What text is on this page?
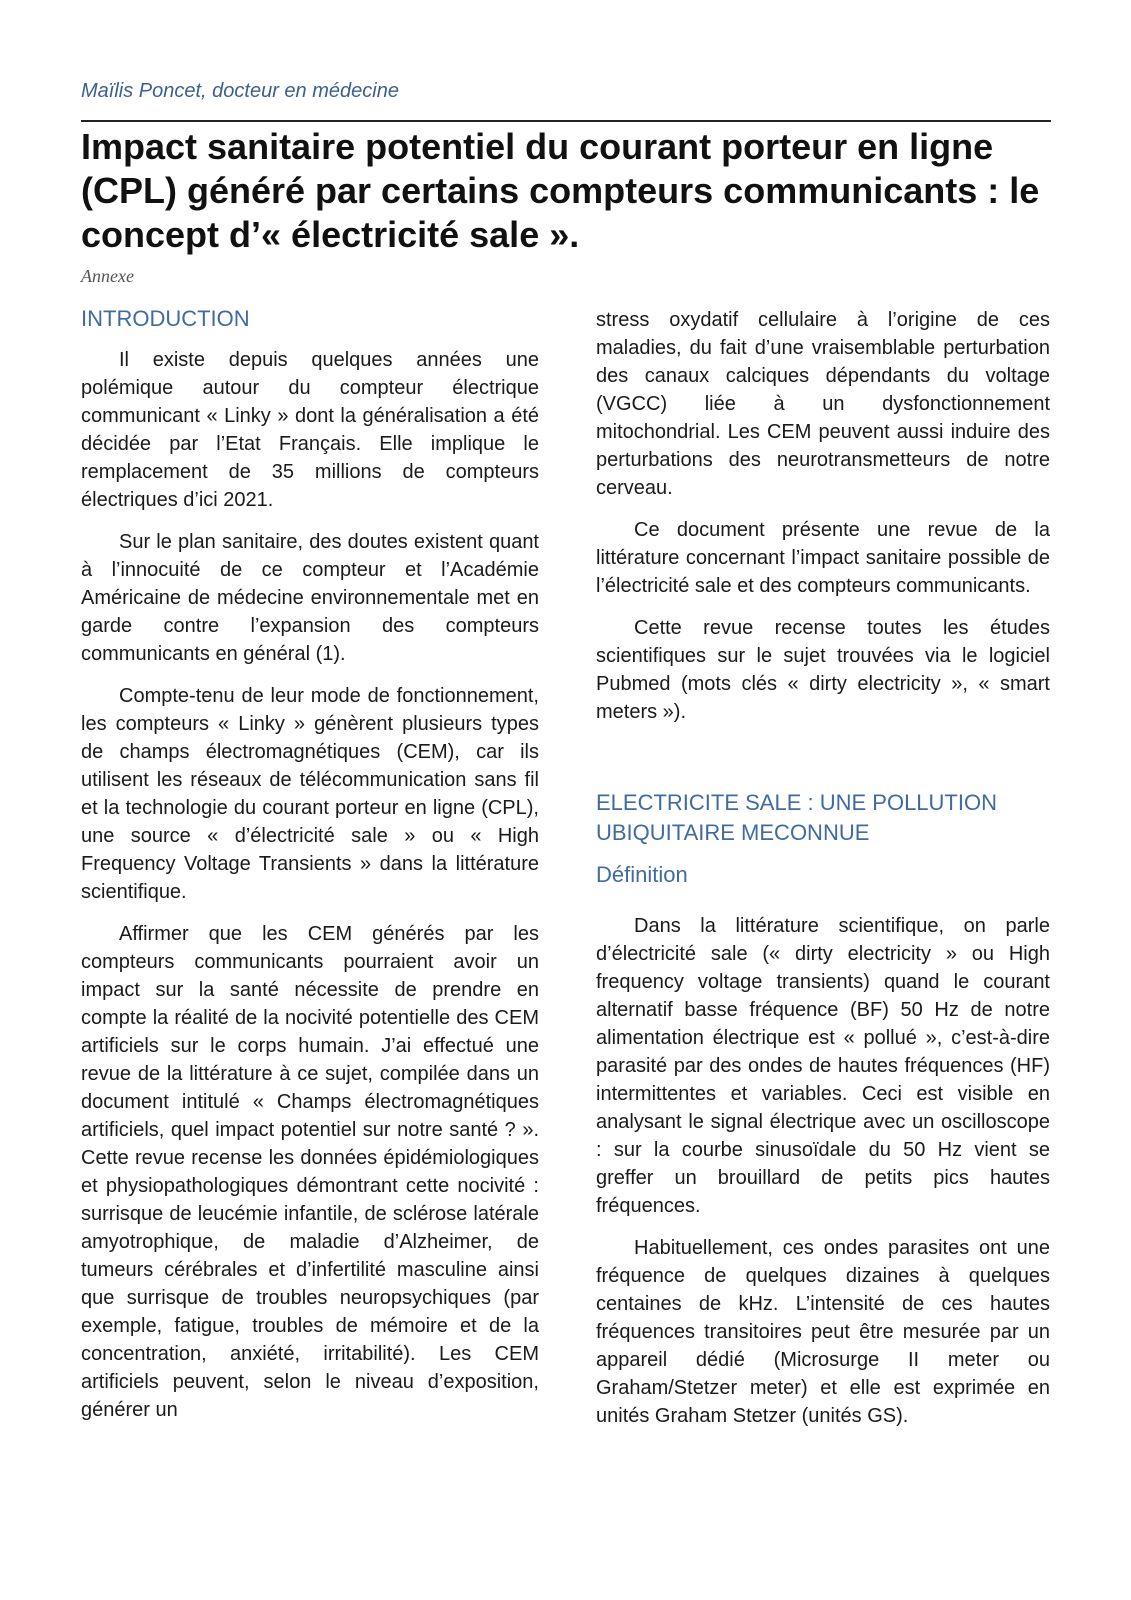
Maïlis Poncet, docteur en médecine
Impact sanitaire potentiel du courant porteur en ligne (CPL) généré par certains compteurs communicants : le concept d’« électricité sale ».
Annexe
INTRODUCTION

Il existe depuis quelques années une polémique autour du compteur électrique communicant « Linky » dont la généralisation a été décidée par l’Etat Français. Elle implique le remplacement de 35 millions de compteurs électriques d’ici 2021.

Sur le plan sanitaire, des doutes existent quant à l’innocuité de ce compteur et l’Académie Américaine de médecine environnementale met en garde contre l’expansion des compteurs communicants en général (1).

Compte-tenu de leur mode de fonctionnement, les compteurs « Linky » génèrent plusieurs types de champs électromagnétiques (CEM), car ils utilisent les réseaux de télécommunication sans fil et la technologie du courant porteur en ligne (CPL), une source « d’électricité sale » ou « High Frequency Voltage Transients » dans la littérature scientifique.

Affirmer que les CEM générés par les compteurs communicants pourraient avoir un impact sur la santé nécessite de prendre en compte la réalité de la nocivité potentielle des CEM artificiels sur le corps humain. J’ai effectué une revue de la littérature à ce sujet, compilée dans un document intitulé « Champs électromagnétiques artificiels, quel impact potentiel sur notre santé ? ». Cette revue recense les données épidémiologiques et physiopathologiques démontrant cette nocivité : surrisque de leucémie infantile, de sclérose latérale amyotrophique, de maladie d’Alzheimer, de tumeurs cérébrales et d’infertilité masculine ainsi que surrisque de troubles neuropsychiques (par exemple, fatigue, troubles de mémoire et de la concentration, anxiété, irritabilité). Les CEM artificiels peuvent, selon le niveau d’exposition, générer un

stress oxydatif cellulaire à l’origine de ces maladies, du fait d’une vraisemblable perturbation des canaux calciques dépendants du voltage (VGCC) liée à un dysfonctionnement mitochondrial. Les CEM peuvent aussi induire des perturbations des neurotransmetteurs de notre cerveau.

Ce document présente une revue de la littérature concernant l’impact sanitaire possible de l’électricité sale et des compteurs communicants.

Cette revue recense toutes les études scientifiques sur le sujet trouvées via le logiciel Pubmed (mots clés « dirty electricity », « smart meters »).

ELECTRICITE SALE : UNE POLLUTION UBIQUITAIRE MECONNUE
Définition

Dans la littérature scientifique, on parle d’électricité sale (« dirty electricity » ou High frequency voltage transients) quand le courant alternatif basse fréquence (BF) 50 Hz de notre alimentation électrique est « pollué », c’est-à-dire parasité par des ondes de hautes fréquences (HF) intermittentes et variables. Ceci est visible en analysant le signal électrique avec un oscilloscope : sur la courbe sinusoïdale du 50 Hz vient se greffer un brouillard de petits pics hautes fréquences.

Habituellement, ces ondes parasites ont une fréquence de quelques dizaines à quelques centaines de kHz. L’intensité de ces hautes fréquences transitoires peut être mesurée par un appareil dédié (Microsurge II meter ou Graham/Stetzer meter) et elle est exprimée en unités Graham Stetzer (unités GS).
